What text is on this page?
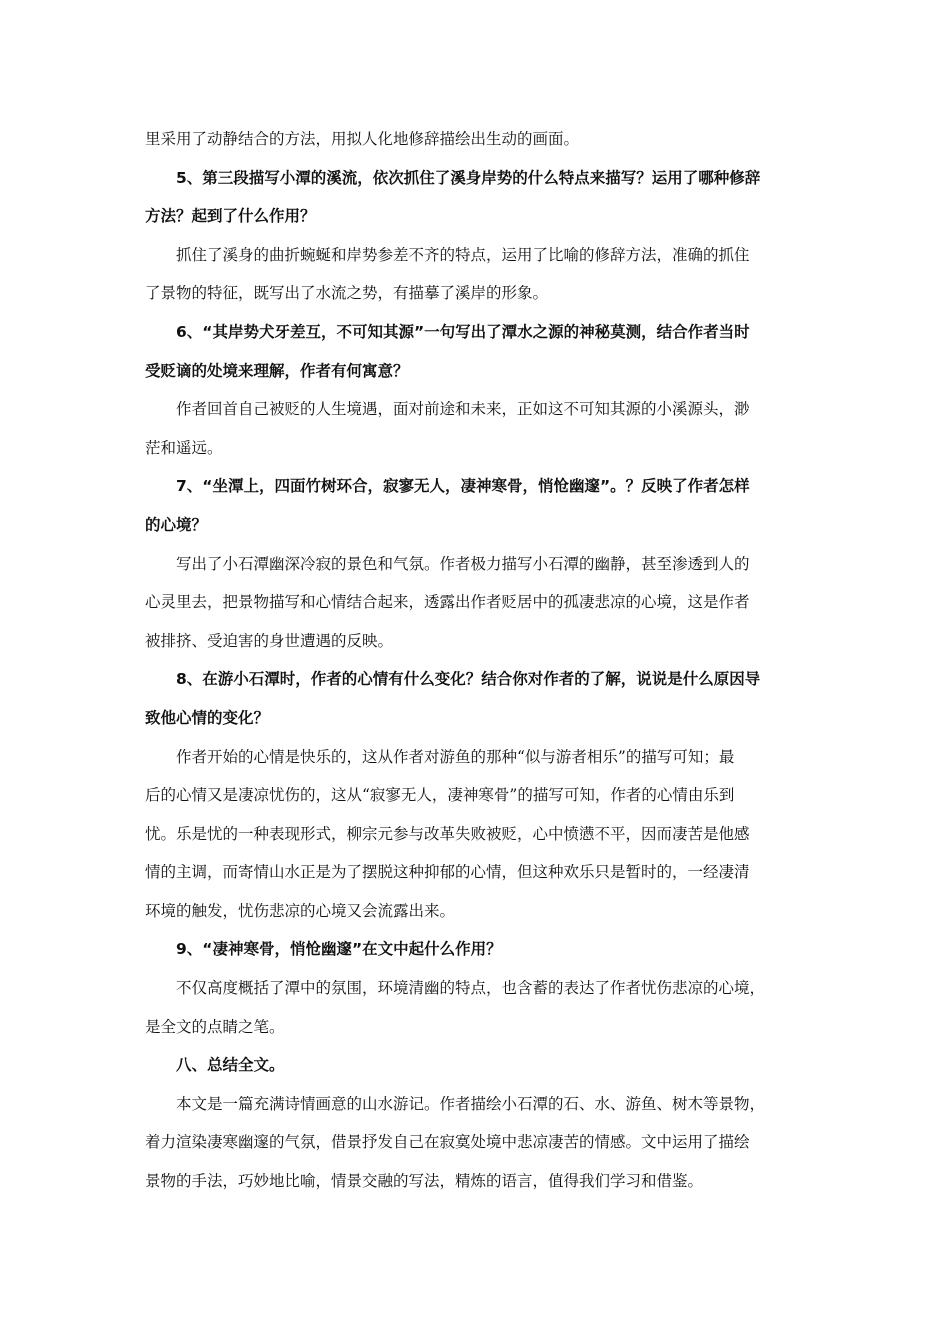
里采用了动静结合的方法，用拟人化地修辞描绘出生动的画面。
5、第三段描写小潭的溪流，依次抓住了溪身岸势的什么特点来描写？运用了哪种修辞
方法？起到了什么作用？
抓住了溪身的曲折蜿蜒和岸势参差不齐的特点，运用了比喻的修辞方法，准确的抓住
了景物的特征，既写出了水流之势，有描摹了溪岸的形象。
6、“其岸势犬牙差互，不可知其源”一句写出了潭水之源的神秘莫测，结合作者当时
受贬谪的处境来理解，作者有何寓意？
作者回首自己被贬的人生境遇，面对前途和未来，正如这不可知其源的小溪源头，渺
茫和遥远。
7、“坐潭上，四面竹树环合，寂寥无人，凄神寒骨，悄怆幽邃”。？反映了作者怎样
的心境？
写出了小石潭幽深冷寂的景色和气氛。作者极力描写小石潭的幽静，甚至渗透到人的
心灵里去，把景物描写和心情结合起来，透露出作者贬居中的孤凄悲凉的心境，这是作者
被排挤、受迫害的身世遭遇的反映。
8、在游小石潭时，作者的心情有什么变化？结合你对作者的了解，说说是什么原因导
致他心情的变化？
作者开始的心情是快乐的，这从作者对游鱼的那种“似与游者相乐”的描写可知；最
后的心情又是凄凉忧伤的，这从“寂寥无人，凄神寒骨”的描写可知，作者的心情由乐到
忧。乐是忧的一种表现形式，柳宗元参与改革失败被贬，心中愤懑不平，因而凄苦是他感
情的主调，而寄情山水正是为了摆脱这种抑郁的心情，但这种欢乐只是暂时的，一经凄清
环境的触发，忧伤悲凉的心境又会流露出来。
9、“凄神寒骨，悄怆幽邃”在文中起什么作用？
不仅高度概括了潭中的氛围，环境清幽的特点，也含蓄的表达了作者忧伤悲凉的心境，
是全文的点睛之笔。
八、总结全文。
本文是一篇充满诗情画意的山水游记。作者描绘小石潭的石、水、游鱼、树木等景物，
着力渲染凄寒幽邃的气氛，借景抒发自己在寂寞处境中悲凉凄苦的情感。文中运用了描绘
景物的手法，巧妙地比喻，情景交融的写法，精炼的语言，值得我们学习和借鉴。
